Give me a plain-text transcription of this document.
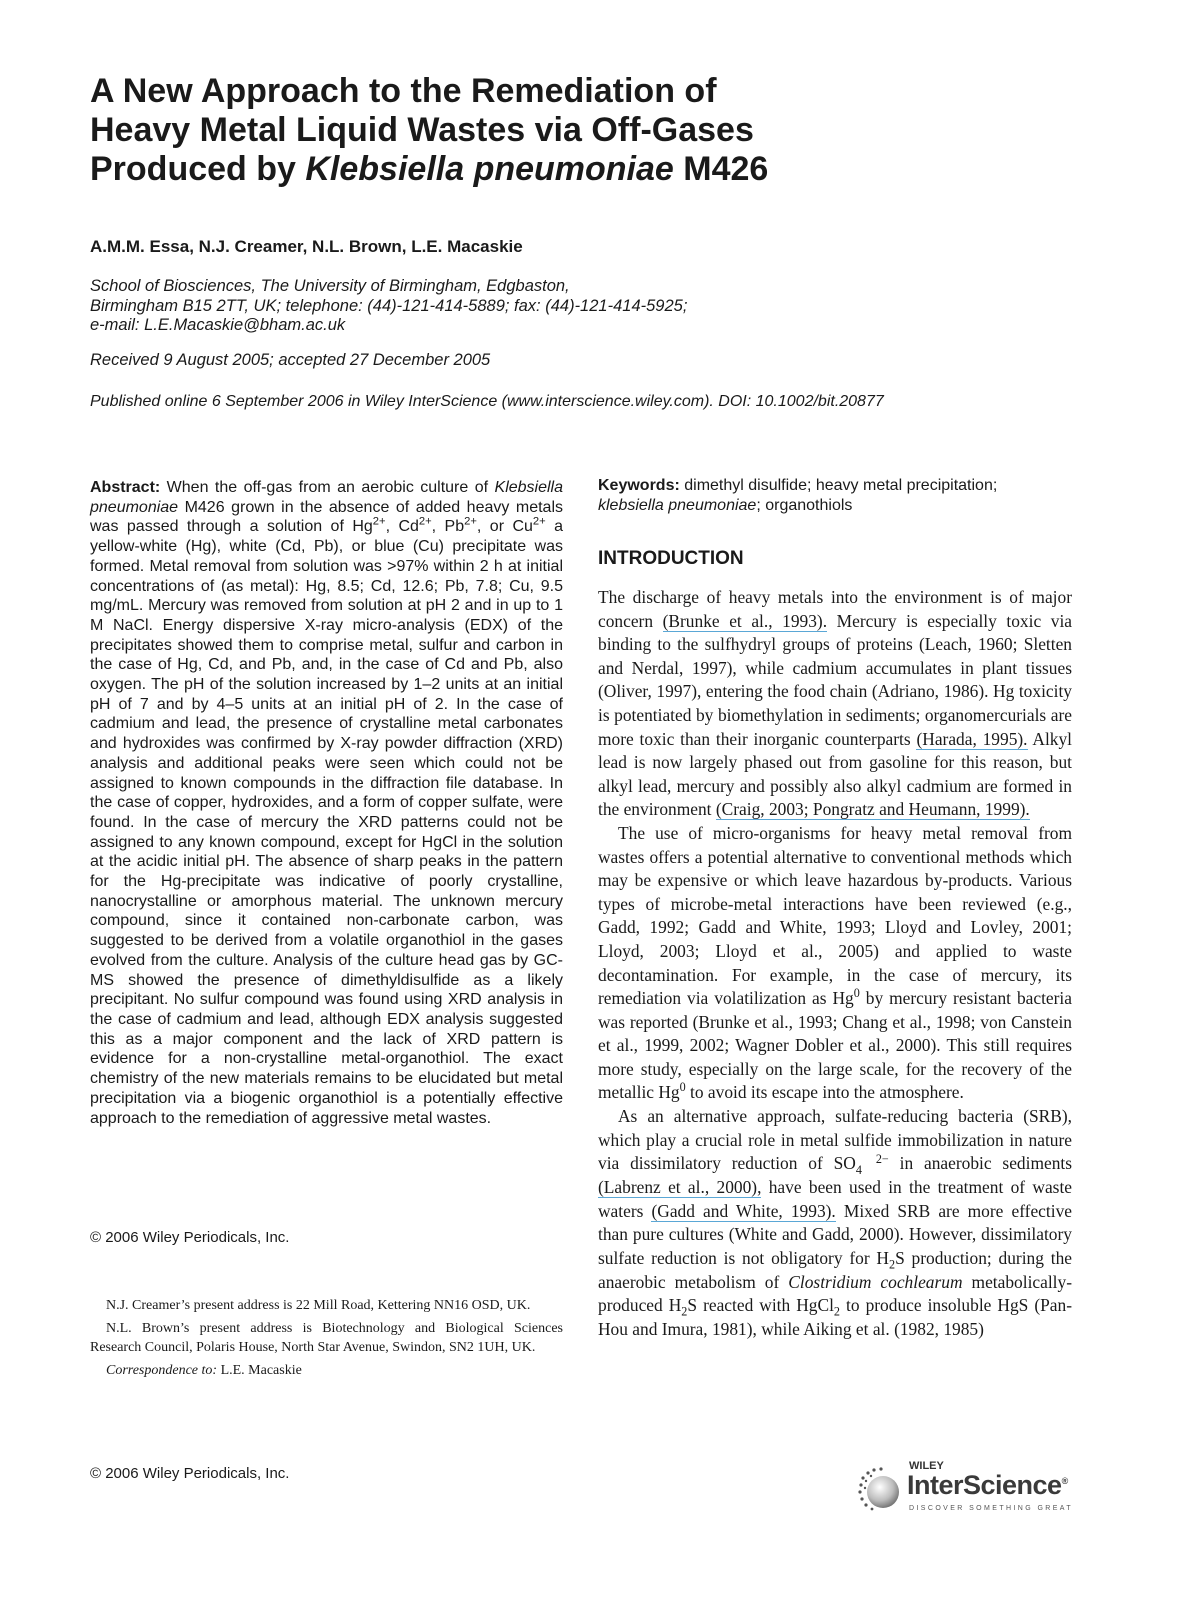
A New Approach to the Remediation of
Heavy Metal Liquid Wastes via Off-Gases
Produced by Klebsiella pneumoniae M426

A.M.M. Essa, N.J. Creamer, N.L. Brown, L.E. Macaskie

School of Biosciences, The University of Birmingham, Edgbaston,
Birmingham B15 2TT, UK; telephone: (44)-121-414-5889; fax: (44)-121-414-5925;
e-mail: L.E.Macaskie@bham.ac.uk
Received 9 August 2005; accepted 27 December 2005
Published online 6 September 2006 in Wiley InterScience (www.interscience.wiley.com). DOI: 10.1002/bit.20877

Abstract: When the off-gas from an aerobic culture of Klebsiella pneumoniae M426 grown in the absence of added heavy metals was passed through a solution of $Hg^{2+}$, $Cd^{2+}$, $Pb^{2+}$, or $Cu^{2+}$ a yellow-white (Hg), white (Cd, Pb), or blue (Cu) precipitate was formed. Metal removal from solution was >97% within 2 h at initial concentrations of (as metal): Hg, 8.5; Cd, 12.6; Pb, 7.8; Cu, 9.5 mg/mL. Mercury was removed from solution at pH 2 and in up to 1 M NaCl. Energy dispersive X-ray micro-analysis (EDX) of the precipitates showed them to comprise metal, sulfur and carbon in the case of Hg, Cd, and Pb, and, in the case of Cd and Pb, also oxygen. The pH of the solution increased by 1–2 units at an initial pH of 7 and by 4–5 units at an initial pH of 2. In the case of cadmium and lead, the presence of crystalline metal carbonates and hydroxides was confirmed by X-ray powder diffraction (XRD) analysis and additional peaks were seen which could not be assigned to known compounds in the diffraction file database. In the case of copper, hydroxides, and a form of copper sulfate, were found. In the case of mercury the XRD patterns could not be assigned to any known compound, except for HgCl in the solution at the acidic initial pH. The absence of sharp peaks in the pattern for the Hg-precipitate was indicative of poorly crystalline, nanocrystalline or amorphous material. The unknown mercury compound, since it contained non-carbonate carbon, was suggested to be derived from a volatile organothiol in the gases evolved from the culture. Analysis of the culture head gas by GC-MS showed the presence of dimethyldisulfide as a likely precipitant. No sulfur compound was found using XRD analysis in the case of cadmium and lead, although EDX analysis suggested this as a major component and the lack of XRD pattern is evidence for a non-crystalline metal-organothiol. The exact chemistry of the new materials remains to be elucidated but metal precipitation via a biogenic organothiol is a potentially effective approach to the remediation of aggressive metal wastes.

© 2006 Wiley Periodicals, Inc.

N.J. Creamer’s present address is 22 Mill Road, Kettering NN16 OSD, UK.

N.L. Brown’s present address is Biotechnology and Biological Sciences Research Council, Polaris House, North Star Avenue, Swindon, SN2 1UH, UK.

Correspondence to: L.E. Macaskie

© 2006 Wiley Periodicals, Inc.

Keywords: dimethyl disulfide; heavy metal precipitation;
klebsiella pneumoniae; organothiols

INTRODUCTION

The discharge of heavy metals into the environment is of major concern (Brunke et al., 1993). Mercury is especially toxic via binding to the sulfhydryl groups of proteins (Leach, 1960; Sletten and Nerdal, 1997), while cadmium accumulates in plant tissues (Oliver, 1997), entering the food chain (Adriano, 1986). Hg toxicity is potentiated by biomethylation in sediments; organomercurials are more toxic than their inorganic counterparts (Harada, 1995). Alkyl lead is now largely phased out from gasoline for this reason, but alkyl lead, mercury and possibly also alkyl cadmium are formed in the environment (Craig, 2003; Pongratz and Heumann, 1999).

The use of micro-organisms for heavy metal removal from wastes offers a potential alternative to conventional methods which may be expensive or which leave hazardous by-products. Various types of microbe-metal interactions have been reviewed (e.g., Gadd, 1992; Gadd and White, 1993; Lloyd and Lovley, 2001; Lloyd, 2003; Lloyd et al., 2005) and applied to waste decontamination. For example, in the case of mercury, its remediation via volatilization as Hg$^0$ by mercury resistant bacteria was reported (Brunke et al., 1993; Chang et al., 1998; von Canstein et al., 1999, 2002; Wagner Dobler et al., 2000). This still requires more study, especially on the large scale, for the recovery of the metallic Hg$^0$ to avoid its escape into the atmosphere.

As an alternative approach, sulfate-reducing bacteria (SRB), which play a crucial role in metal sulfide immobilization in nature via dissimilatory reduction of SO 2−
4 in anaerobic sediments (Labrenz et al., 2000), have been used in the treatment of waste waters (Gadd and White, 1993). Mixed SRB are more effective than pure cultures (White and Gadd, 2000). However, dissimilatory sulfate reduction is not obligatory for $H_2S$ production; during the anaerobic metabolism of Clostridium cochlearum metabolically-produced $H_2S$ reacted with HgCl$_2$ to produce insoluble HgS (Pan-Hou and Imura, 1981), while Aiking et al. (1982, 1985)

WILEY
InterScience®
DISCOVER SOMETHING GREAT
